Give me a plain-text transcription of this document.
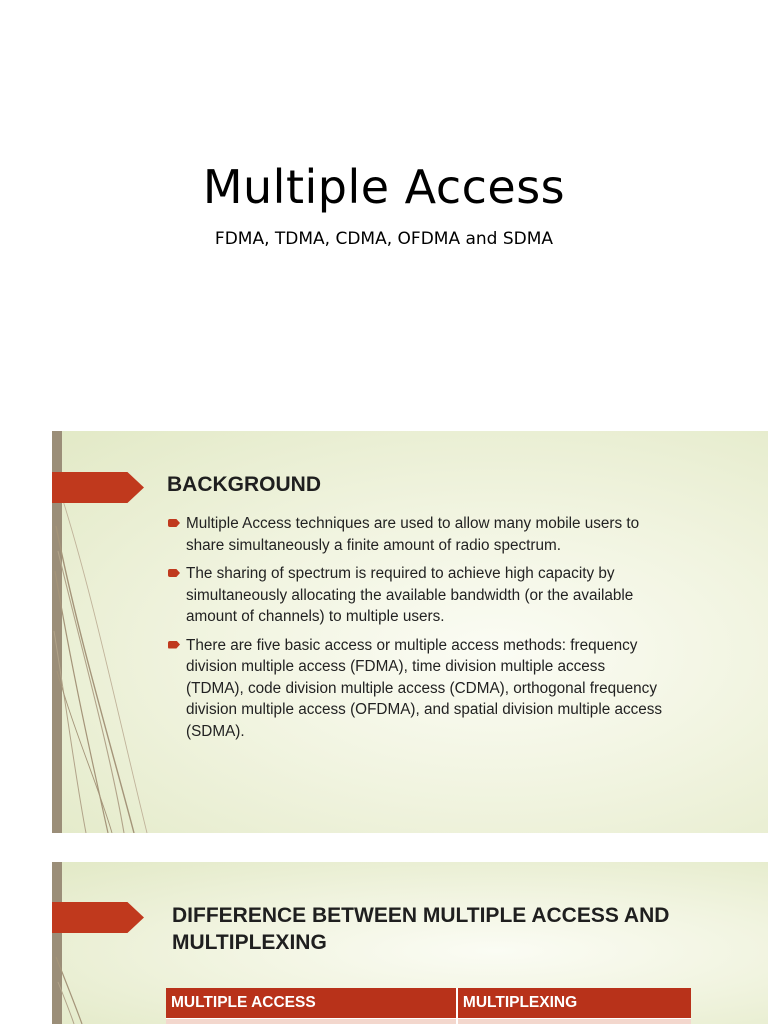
Multiple Access
FDMA, TDMA, CDMA, OFDMA and SDMA
BACKGROUND
Multiple Access techniques are used to allow many mobile users to share simultaneously a finite amount of radio spectrum.
The sharing of spectrum is required to achieve high capacity by simultaneously allocating the available bandwidth (or the available amount of channels) to multiple users.
There are five basic access or multiple access methods: frequency division multiple access (FDMA), time division multiple access (TDMA), code division multiple access (CDMA), orthogonal frequency division multiple access (OFDMA), and spatial division multiple access (SDMA).
DIFFERENCE BETWEEN MULTIPLE ACCESS AND MULTIPLEXING
MULTIPLE ACCESS	MULTIPLEXING
